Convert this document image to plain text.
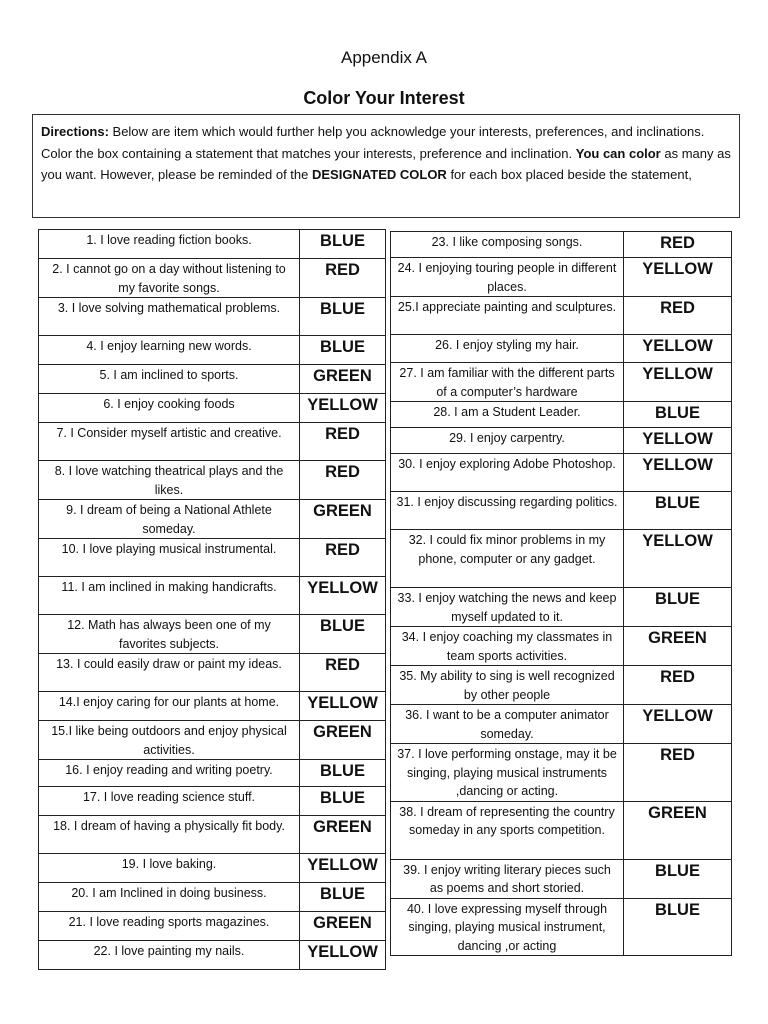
Appendix A
Color Your Interest
Directions: Below are item which would further help you acknowledge your interests, preferences, and inclinations. Color the box containing a statement that matches your interests, preference and inclination. You can color as many as you want. However, please be reminded of the DESIGNATED COLOR for each box placed beside the statement,
1. I love reading fiction books.	BLUE
2. I cannot go on a day without listening to my favorite songs.	RED
3. I love solving mathematical problems.	BLUE
4. I enjoy learning new words.	BLUE
5. I am inclined to sports.	GREEN
6. I enjoy cooking foods	YELLOW
7. I Consider myself artistic and creative.	RED
8. I love watching theatrical plays and the likes.	RED
9. I dream of being a National Athlete someday.	GREEN
10. I love playing musical instrumental.	RED
11. I am inclined in making handicrafts.	YELLOW
12. Math has always been one of my favorites subjects.	BLUE
13. I could easily draw or paint my ideas.	RED
14.I enjoy caring for our plants at home.	YELLOW
15.I like being outdoors and enjoy physical activities.	GREEN
16. I enjoy reading and writing poetry.	BLUE
17. I love reading science stuff.	BLUE
18. I dream of having a physically fit body.	GREEN
19. I love baking.	YELLOW
20. I am Inclined in doing business.	BLUE
21. I love reading sports magazines.	GREEN
22. I love painting my nails.	YELLOW
23. I like composing songs.	RED
24. I enjoying touring people in different places.	YELLOW
25.I appreciate painting and sculptures.	RED
26. I enjoy styling my hair.	YELLOW
27. I am familiar with the different parts of a computer’s hardware	YELLOW
28. I am a Student Leader.	BLUE
29. I enjoy carpentry.	YELLOW
30. I enjoy exploring Adobe Photoshop.	YELLOW
31. I enjoy discussing regarding politics.	BLUE
32. I could fix minor problems in my phone, computer or any gadget.	YELLOW
33. I enjoy watching the news and keep myself updated to it.	BLUE
34. I enjoy coaching my classmates in team sports activities.	GREEN
35. My ability to sing is well recognized by other people	RED
36. I want to be a computer animator someday.	YELLOW
37. I love performing onstage, may it be singing, playing musical instruments ,dancing or acting.	RED
38. I dream of representing the country someday in any sports competition.	GREEN
39. I enjoy writing literary pieces such as poems and short storied.	BLUE
40. I love expressing myself through singing, playing musical instrument, dancing ,or acting	BLUE
